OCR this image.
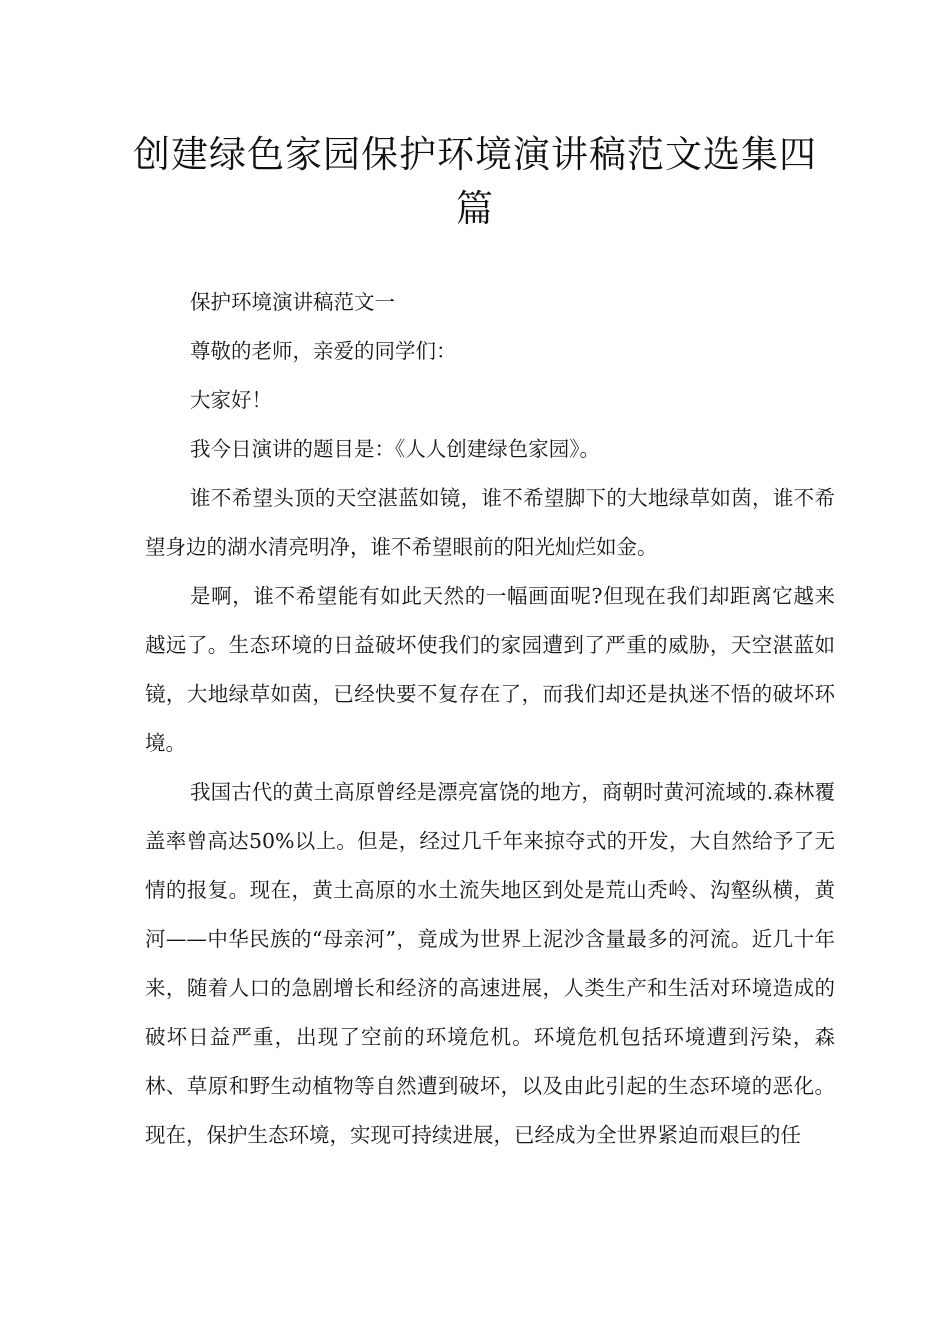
创建绿色家园保护环境演讲稿范文选集四篇

保护环境演讲稿范文一

尊敬的老师，亲爱的同学们：

大家好！

我今日演讲的题目是：《人人创建绿色家园》。

谁不希望头顶的天空湛蓝如镜，谁不希望脚下的大地绿草如茵，谁不希望身边的湖水清亮明净，谁不希望眼前的阳光灿烂如金。

是啊，谁不希望能有如此天然的一幅画面呢?但现在我们却距离它越来越远了。生态环境的日益破坏使我们的家园遭到了严重的威胁，天空湛蓝如镜，大地绿草如茵，已经快要不复存在了，而我们却还是执迷不悟的破坏环境。

我国古代的黄土高原曾经是漂亮富饶的地方，商朝时黄河流域的.森林覆盖率曾高达50%以上。但是，经过几千年来掠夺式的开发，大自然给予了无情的报复。现在，黄土高原的水土流失地区到处是荒山秃岭、沟壑纵横，黄河——中华民族的“母亲河”，竟成为世界上泥沙含量最多的河流。近几十年来，随着人口的急剧增长和经济的高速进展，人类生产和生活对环境造成的破坏日益严重，出现了空前的环境危机。环境危机包括环境遭到污染，森林、草原和野生动植物等自然遭到破坏，以及由此引起的生态环境的恶化。现在，保护生态环境，实现可持续进展，已经成为全世界紧迫而艰巨的任
